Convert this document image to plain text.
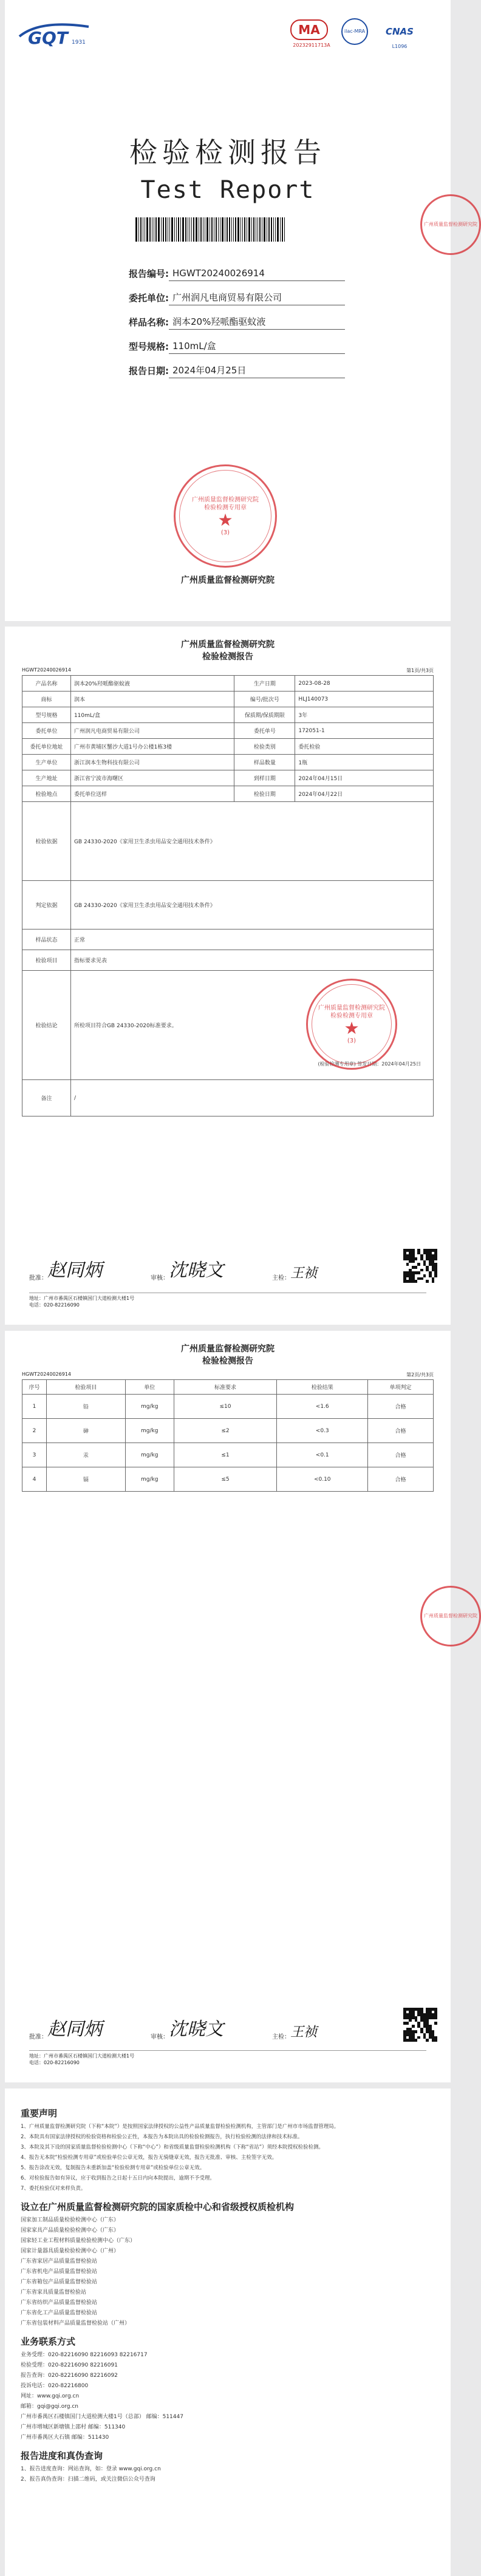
GQT 1931
MA
20232911713A
ilac-MRA	CNAS
L1096
检验检测报告
Test Report
报告编号: HGWT20240026914
委托单位: 广州润凡电商贸易有限公司
样品名称: 润本20%羟哌酯驱蚊液
型号规格: 110mL/盒
报告日期: 2024年04月25日
广州质量监督检测研究院 检验检测专用章
★
(3)
广州质量监督检测研究院
广州质量监督检测研究院
广州质量监督检测研究院
检验检测报告
HGWT20240026914	第1页/共3页
产品名称	润本20%羟哌酯驱蚊液	生产日期	2023-08-28
商标	润本	编号/批次号	HLJ140073
型号规格	110mL/盒	保质期/保质期限	3年
委托单位	广州润凡电商贸易有限公司	委托单号	172051-1
委托单位地址	广州市黄埔区蟹沙大道1号办公楼1栋3楼	检验类别	委托检验
生产单位	浙江润本生物科技有限公司	样品数量	1瓶
生产地址	浙江省宁波市海曙区	到样日期	2024年04月15日
检验地点	委托单位送样	检验日期	2024年04月22日
检验依据	GB 24330-2020《家用卫生杀虫用品安全通用技术条件》		
判定依据	GB 24330-2020《家用卫生杀虫用品安全通用技术条件》		
样品状态	正常		
检验项目	指标要求见表		
检验结论	所检项目符合GB 24330-2020标准要求。
(检验检测专用章) 签发日期：2024年04月25日		

备注	/		
广州质量监督检测研究院 检验检测专用章
★
(3)
批准： 赵同炳	审核： 沈晓文	主检： 王祯
地址：广州市番禺区石楼镇国门大道检测大楼1号
电话：020-82216090
广州质量监督检测研究院
检验检测报告
HGWT20240026914	第2页/共3页
序号	检验项目	单位	标准要求	检验结果	单项判定
1	铅	mg/kg	≤10	<1.6	合格
2	砷	mg/kg	≤2	<0.3	合格
3	汞	mg/kg	≤1	<0.1	合格
4	镉	mg/kg	≤5	<0.10	合格
广州质量监督检测研究院
批准： 赵同炳	审核： 沈晓文	主检： 王祯
地址：广州市番禺区石楼镇国门大道检测大楼1号
电话：020-82216090
重要声明
1、广州质量监督检测研究院（下称“本院”）是按照国家法律授权的公益性产品质量监督检验检测机构，主管部门是广州市市场监督管理局。
2、本院具有国家法律授权的检验资格和检验公正性，本报告为本院出具的检验检测报告，执行检验检测的法律和技术标准。
3、本院及其下设的国家质量监督检验检测中心（下称“中心”）和省级质量监督检验检测机构（下称“省站”）须经本院授权检验检测。
4、报告无本院“检验检测专用章”或检验单位公章无效，报告无骑缝章无效，报告无批准、审核、主检签字无效。
5、报告涂改无效，复制报告未重新加盖“检验检测专用章”或检验单位公章无效。
6、对检验报告如有异议，应于收到报告之日起十五日内向本院提出，逾期不予受理。
7、委托检验仅对来样负责。
设立在广州质量监督检测研究院的国家质检中心和省级授权质检机构
国家加工制品质量检验检测中心（广东）
国家家具产品质量检验检测中心（广东）
国家轻工业工程材料质量检验检测中心（广东）
国家计量器具质量检验检测中心（广州）
广东省家居产品质量监督检验站
广东省机电产品质量监督检验站
广东省箱包产品质量监督检验站
广东省家具质量监督检验站
广东省纺织产品质量监督检验站
广东省化工产品质量监督检验站
广东省包装材料产品质量监督检验站（广州）
业务联系方式
业务受理：020-82216090 82216093 82216717
检验受理：020-82216090 82216091
报告查询：020-82216090 82216092
投诉电话：020-82216800
网址：www.gqi.org.cn
邮箱：gqi@gqi.org.cn
广州市番禺区石楼镇国门大道检测大楼1号（总部） 邮编：511447
广州市增城区新塘镇上邵村 邮编：511340
广州市番禺区大石镇 邮编：511430
报告进度和真伪查询
1、报告进度查询：网站查询，如：登录 www.gqi.org.cn
2、报告真伪查询：扫描二维码，或关注微信公众号查询
